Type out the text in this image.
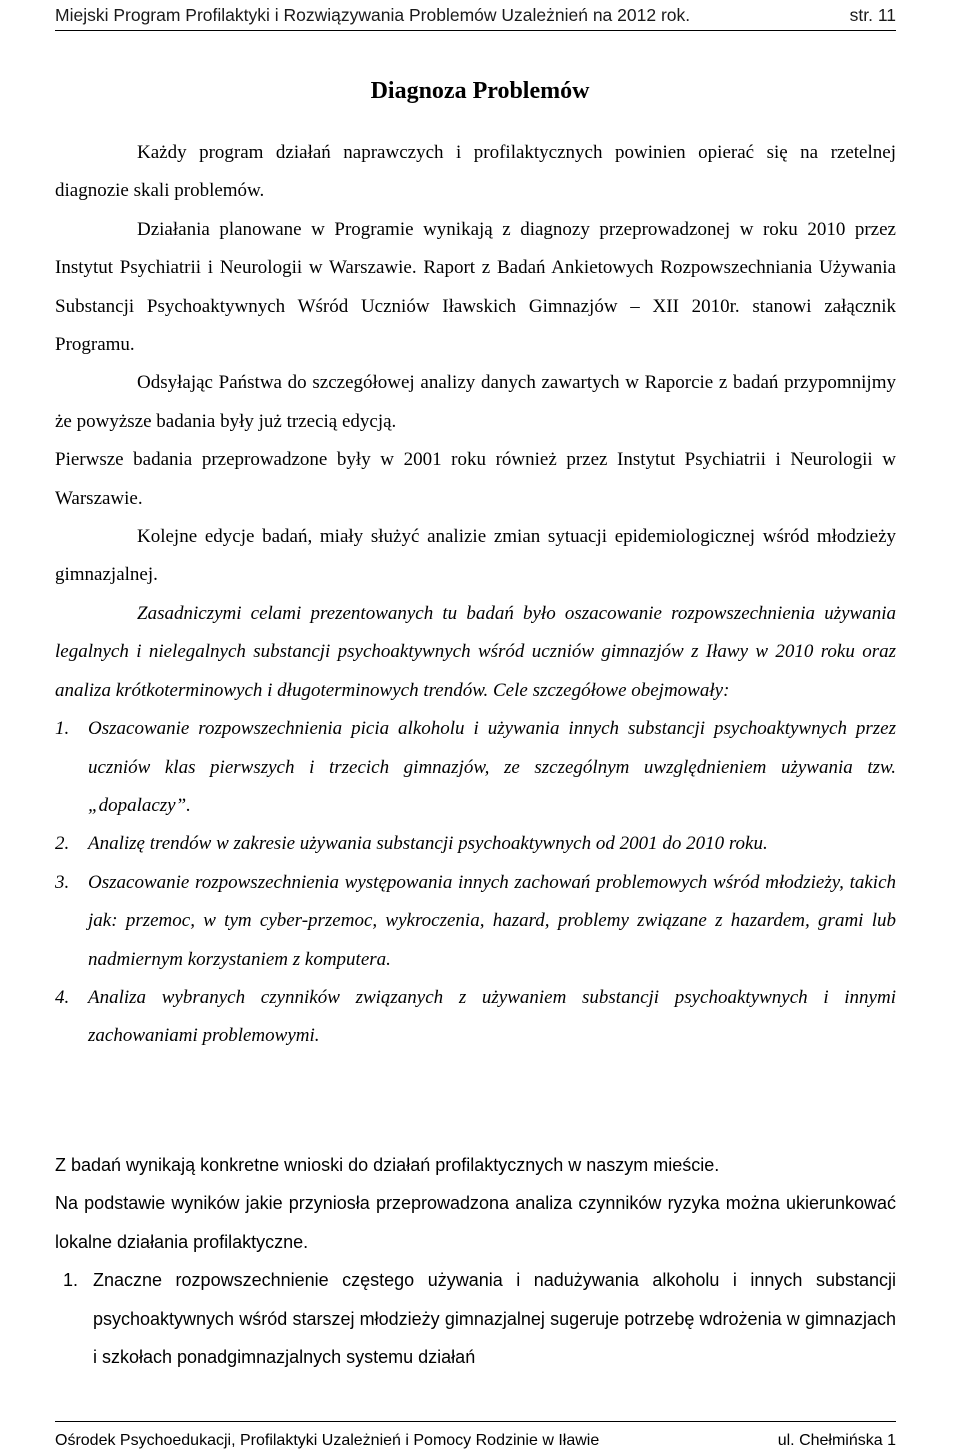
Miejski Program Profilaktyki i Rozwiązywania Problemów Uzależnień na 2012 rok.	str. 11
Diagnoza Problemów

Każdy program działań naprawczych i profilaktycznych powinien opierać się na rzetelnej diagnozie skali problemów.

Działania planowane w Programie wynikają z diagnozy przeprowadzonej w roku 2010 przez Instytut Psychiatrii i Neurologii w Warszawie. Raport z Badań Ankietowych Rozpowszechniania Używania Substancji Psychoaktywnych Wśród Uczniów Iławskich Gimnazjów – XII 2010r. stanowi załącznik Programu.

Odsyłając Państwa do szczegółowej analizy danych zawartych w Raporcie z badań przypomnijmy że powyższe badania były już trzecią edycją.

Pierwsze badania przeprowadzone były w 2001 roku również przez Instytut Psychiatrii i Neurologii w Warszawie.

Kolejne edycje badań, miały służyć analizie zmian sytuacji epidemiologicznej wśród młodzieży gimnazjalnej.

Zasadniczymi celami prezentowanych tu badań było oszacowanie rozpowszechnienia używania legalnych i nielegalnych substancji psychoaktywnych wśród uczniów gimnazjów z Iławy w 2010 roku oraz analiza krótkoterminowych i długoterminowych trendów. Cele szczegółowe obejmowały:

1. Oszacowanie rozpowszechnienia picia alkoholu i używania innych substancji psychoaktywnych przez uczniów klas pierwszych i trzecich gimnazjów, ze szczególnym uwzględnieniem używania tzw. „dopalaczy”.
2. Analizę trendów w zakresie używania substancji psychoaktywnych od 2001 do 2010 roku.
3. Oszacowanie rozpowszechnienia występowania innych zachowań problemowych wśród młodzieży, takich jak: przemoc, w tym cyber-przemoc, wykroczenia, hazard, problemy związane z hazardem, grami lub nadmiernym korzystaniem z komputera.
4. Analiza wybranych czynników związanych z używaniem substancji psychoaktywnych i innymi zachowaniami problemowymi.

Z badań wynikają konkretne wnioski do działań profilaktycznych w naszym mieście.

Na podstawie wyników jakie przyniosła przeprowadzona analiza czynników ryzyka można ukierunkować lokalne działania profilaktyczne.

1. Znaczne rozpowszechnienie częstego używania i nadużywania alkoholu i innych substancji psychoaktywnych wśród starszej młodzieży gimnazjalnej sugeruje potrzebę wdrożenia w gimnazjach i szkołach ponadgimnazjalnych systemu działań
Ośrodek Psychoedukacji, Profilaktyki Uzależnień i Pomocy Rodzinie w Iławie	ul. Chełmińska 1
